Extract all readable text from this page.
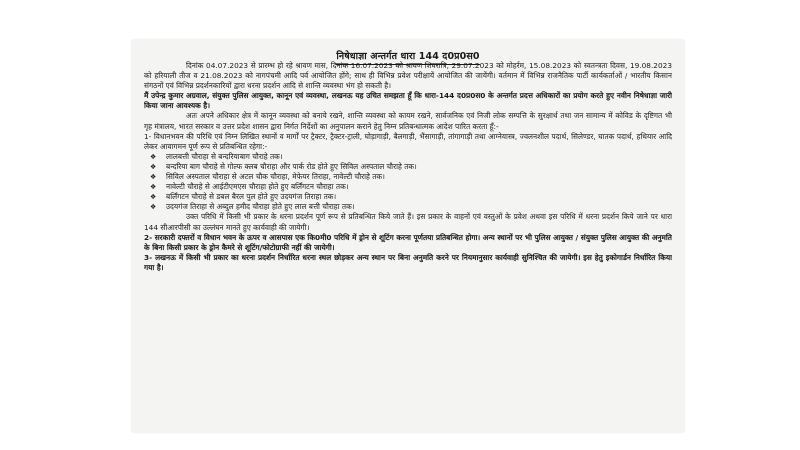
निषेधाज्ञा अन्तर्गत धारा 144 द0प्र0स0

दिनांक 04.07.2023 से प्रारम्भ हो रहे श्रावण मास, दिनांक 16.07.2023 को श्रावण शिवरात्रि, 29.07.2023 को मोहर्रम, 15.08.2023 को स्वतन्त्रता दिवस, 19.08.2023 को हरियाली तीज व 21.08.2023 को नागपंचमी आदि पर्व आयोजित होंगे; साथ ही विभिन्न प्रवेश परीक्षायें आयोजित की जायेंगी। वर्तमान में विभिन्न राजनैतिक पार्टी कार्यकर्ताओं / भारतीय किसान संगठनों एवं विभिन्न प्रदर्शनकारियों द्वारा धरना प्रदर्शन आदि से शान्ति व्यवस्था भंग हो सकती है।

मैं उपेन्द्र कुमार अग्रवाल, संयुक्त पुलिस आयुक्त, कानून एवं व्यवस्था, लखनऊ यह उचित समझता हूँ कि धारा-144 द0प्र0स0 के अन्तर्गत प्रदत्त अधिकारों का प्रयोग करते हुए नवीन निषेधाज्ञा जारी किया जाना आवश्यक है।

अतः अपने अधिकार क्षेत्र में कानून व्यवस्था को बनाये रखने, शान्ति व्यवस्था को कायम रखने, सार्वजनिक एवं निजी लोक सम्पत्ति के सुरक्षार्थ तथा जन सामान्य में कोविड के दृष्टिगत भी गृह मंत्रालय, भारत सरकार व उत्तर प्रदेश शासन द्वारा निर्गत निर्देशों का अनुपालन कराने हेतु निम्न प्रतिबन्धात्मक आदेश पारित करता हूँ:-

1- विधानभवन की परिधि एवं निम्न लिखित स्थानों व मार्गों पर ट्रैक्टर, ट्रैक्टर-ट्राली, घोड़ागाड़ी, बैलगाड़ी, भैंसागाड़ी, तांगागाड़ी तथा आग्नेयास्त्र, ज्वलनशील पदार्थ, सिलेण्डर, घातक पदार्थ, हथियार आदि लेकर आवागमन पूर्ण रूप से प्रतिबन्धित रहेगा:-

❖ लालबत्ती चौराहा से बन्दरियाबाग चौराहे तक।
❖ बन्दरिया बाग चौराहे से गोल्फ क्लब चौराहा और पार्क रोड होते हुए सिविल अस्पताल चौराहे तक।
❖ सिविल अस्पताल चौराहा से अटल चौक चौराहा, मेफेयर तिराहा, नावेल्टी चौराहे तक।
❖ नावेल्टी चौराहे से आईटीएमएस चौराहा होते हुए बर्लिंगटन चौराहा तक।
❖ बर्लिंगटन चौराहे से डबल बैरल पुल होते हुए उदयगंज तिराहा तक।
❖ उदयगंज तिराहा से अब्दुल हमीद चौराहा होते हुए लाल बत्ती चौराहा तक।

उक्त परिधि में किसी भी प्रकार के धरना प्रदर्शन पूर्ण रूप से प्रतिबन्धित किये जाते हैं। इस प्रकार के वाहनों एवं वस्तुओं के प्रवेश अथवा इस परिधि में धरना प्रदर्शन किये जाने पर धारा 144 सीआरपीसी का उल्लंघन मानते हुए कार्यवाही की जायेगी।

2- सरकारी दफ्तरों व विधान भवन के ऊपर व आसपास एक कि0मी0 परिधि में ड्रोन से शूटिंग करना पूर्णतया प्रतिबन्धित होगा। अन्य स्थानों पर भी पुलिस आयुक्त / संयुक्त पुलिस आयुक्त की अनुमति के बिना किसी प्रकार के ड्रोन कैमरे से शूटिंग/फोटोग्राफी नहीं की जायेगी।

3- लखनऊ में किसी भी प्रकार का धरना प्रदर्शन निर्धारित धरना स्थल छोड़कर अन्य स्थान पर बिना अनुमति करने पर नियमानुसार कार्यवाही सुनिश्चित की जायेगी। इस हेतु इकोगार्डन निर्धारित किया गया है।
